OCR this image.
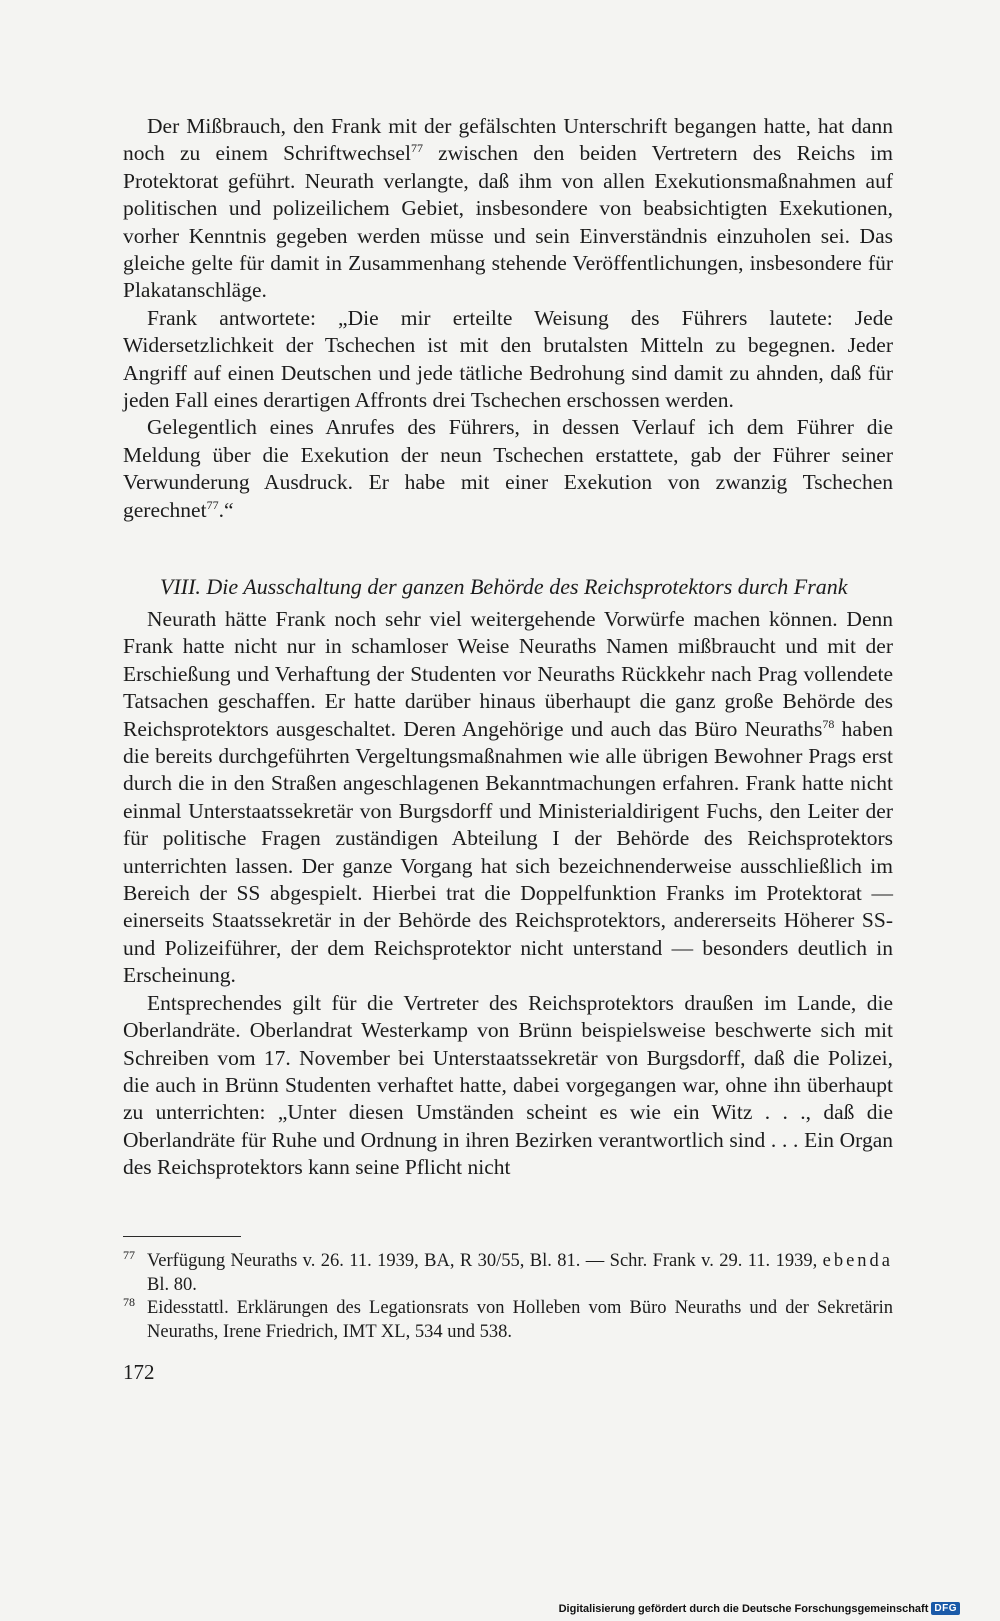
Der Mißbrauch, den Frank mit der gefälschten Unterschrift begangen hatte, hat dann noch zu einem Schriftwechsel$^{77}$ zwischen den beiden Vertretern des Reichs im Protektorat geführt. Neurath verlangte, daß ihm von allen Exekutionsmaßnahmen auf politischen und polizeilichem Gebiet, insbesondere von beabsichtigten Exekutionen, vorher Kenntnis gegeben werden müsse und sein Einverständnis einzuholen sei. Das gleiche gelte für damit in Zusammenhang stehende Veröffentlichungen, insbesondere für Plakatanschläge.

Frank antwortete: „Die mir erteilte Weisung des Führers lautete: Jede Widersetzlichkeit der Tschechen ist mit den brutalsten Mitteln zu begegnen. Jeder Angriff auf einen Deutschen und jede tätliche Bedrohung sind damit zu ahnden, daß für jeden Fall eines derartigen Affronts drei Tschechen erschossen werden.

Gelegentlich eines Anrufes des Führers, in dessen Verlauf ich dem Führer die Meldung über die Exekution der neun Tschechen erstattete, gab der Führer seiner Verwunderung Ausdruck. Er habe mit einer Exekution von zwanzig Tschechen gerechnet$^{77}$.“

VIII. Die Ausschaltung der ganzen Behörde des Reichsprotektors durch Frank

Neurath hätte Frank noch sehr viel weitergehende Vorwürfe machen können. Denn Frank hatte nicht nur in schamloser Weise Neuraths Namen mißbraucht und mit der Erschießung und Verhaftung der Studenten vor Neuraths Rückkehr nach Prag vollendete Tatsachen geschaffen. Er hatte darüber hinaus überhaupt die ganz große Behörde des Reichsprotektors ausgeschaltet. Deren Angehörige und auch das Büro Neuraths$^{78}$ haben die bereits durchgeführten Vergeltungsmaßnahmen wie alle übrigen Bewohner Prags erst durch die in den Straßen angeschlagenen Bekanntmachungen erfahren. Frank hatte nicht einmal Unterstaatssekretär von Burgsdorff und Ministerialdirigent Fuchs, den Leiter der für politische Fragen zuständigen Abteilung I der Behörde des Reichsprotektors unterrichten lassen. Der ganze Vorgang hat sich bezeichnenderweise ausschließlich im Bereich der SS abgespielt. Hierbei trat die Doppelfunktion Franks im Protektorat — einerseits Staatssekretär in der Behörde des Reichsprotektors, andererseits Höherer SS- und Polizeiführer, der dem Reichsprotektor nicht unterstand — besonders deutlich in Erscheinung.

Entsprechendes gilt für die Vertreter des Reichsprotektors draußen im Lande, die Oberlandräte. Oberlandrat Westerkamp von Brünn beispielsweise beschwerte sich mit Schreiben vom 17. November bei Unterstaatssekretär von Burgsdorff, daß die Polizei, die auch in Brünn Studenten verhaftet hatte, dabei vorgegangen war, ohne ihn überhaupt zu unterrichten: „Unter diesen Umständen scheint es wie ein Witz . . ., daß die Oberlandräte für Ruhe und Ordnung in ihren Bezirken verantwortlich sind . . . Ein Organ des Reichsprotektors kann seine Pflicht nicht

77 Verfügung Neuraths v. 26. 11. 1939, BA, R 30/55, Bl. 81. — Schr. Frank v. 29. 11. 1939, ebenda Bl. 80.

78 Eidesstattl. Erklärungen des Legationsrats von Holleben vom Büro Neuraths und der Sekretärin Neuraths, Irene Friedrich, IMT XL, 534 und 538.

172
Digitalisierung gefördert durch die Deutsche Forschungsgemeinschaft DFG
